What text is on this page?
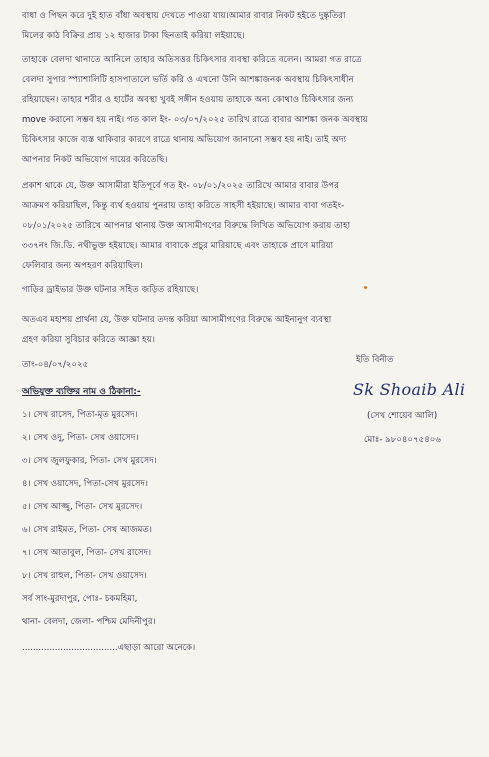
বাধা ও পিছন করে দুই হাত বাঁধা অবস্থায় দেখতে পাওয়া যায়।আমার বাবার নিকট হইতে দুষ্কৃতিরা
মিলের কাঠ বিক্রির প্রায় ১২ হাজার টাকা ছিনতাই করিয়া লইয়াছে।
তাহাকে বেলদা থানাতে আনিলে তাহার অতিসত্তর চিকিৎসার ব্যবস্থা করিতে বলেন। আমরা গত রাত্রে
বেলদা সুপার স্প্যাশালিটি হাসপাতালে ভর্তি করি ও এখনো উনি আশঙ্কাজনক অবস্থায় চিকিৎসাধীন
রহিয়াছেন। তাহার শরীর ও হার্টের অবস্থা খুবই সঙ্গীন হওয়ায় তাহাকে অন্য কোথাও চিকিৎসার জন্য
move করানো সম্ভব হয় নাই। গত কাল ইং- ০৩/০৭/২০২৫ তারিখ রাত্রে বাবার আশঙ্কা জনক অবস্থায়
চিকিৎসার কাজে ব্যস্ত থাকিবার কারণে রাত্রে থানায় অভিযোগ জানানো সম্ভব হয় নাই। তাই অদ্য
আপনার নিকট অভিযোগ দায়ের করিতেছি।
প্রকাশ থাকে যে, উক্ত আসামীরা ইতিপূর্বে গত ইং- ০৮/০১/২০২৫ তারিখে আমার বাবার উপর
আক্রমণ করিয়াছিল, কিন্তু ব্যর্থ হওয়ায় পুনরায় তাহা করিতে সাহসী হইয়াছে। আমার বাবা গতইং-
০৮/০১/২০২৫ তারিখে আপনার থানায় উক্ত আসামীগণের বিরুদ্ধে লিখিত অভিযোগ করায় তাহা
৩৩৭নং জি.ডি. নথীভুক্ত হইয়াছে। আমার বাবাকে প্রচুর মারিয়াছে এবং তাহাকে প্রাণে মারিয়া
ফেলিবার জন্য অপহরণ করিয়াছিল।
গাড়ির ড্রাইভার উক্ত ঘটনার সহিত জড়িত রহিয়াছে।
অতএব মহাশয় প্রার্থনা যে, উক্ত ঘটনার তদন্ত করিয়া আসামীগণের বিরুদ্ধে আইনানুগ ব্যবস্থা
গ্রহণ করিয়া সুবিচার করিতে আজ্ঞা হয়।
তাং-০৪/০৭/২০২৫	ইতি বিনীত
অভিযুক্ত ব্যক্তির নাম ও ঠিকানা:-
১। সেখ রাসেদ, পিতা-মৃত মুরসেদ।
২। সেখ ওদু, পিতা- সেখ ওয়াসেদ।
৩। সেখ জুলফুকার, পিতা- সেখ মুরসেদ।
৪। সেখ ওয়াসেদ, পিতা-সেখ মুরসেদ।
৫। সেখ আজ্জু, পিতা- সেখ মুরসেদ।
৬। সেখ রাইমত, পিতা- সেখ আজমত।
৭। সেখ আতাবুল, পিতা- সেখ রাসেদ।
৮। সেখ রাহুল, পিতা- সেখ ওয়াসেদ।
সর্ব সাং-মুরদাপুর, পোঃ- চকমহিমা,
থানা- বেলদা, জেলা- পশ্চিম মেদিনীপুর।
...................................এছাড়া আরো অনেকে।
Sk Shoaib Ali
(সেখ শোয়েব আলি)
মোঃ- ৯৮০৪০৭৫৪০৬
